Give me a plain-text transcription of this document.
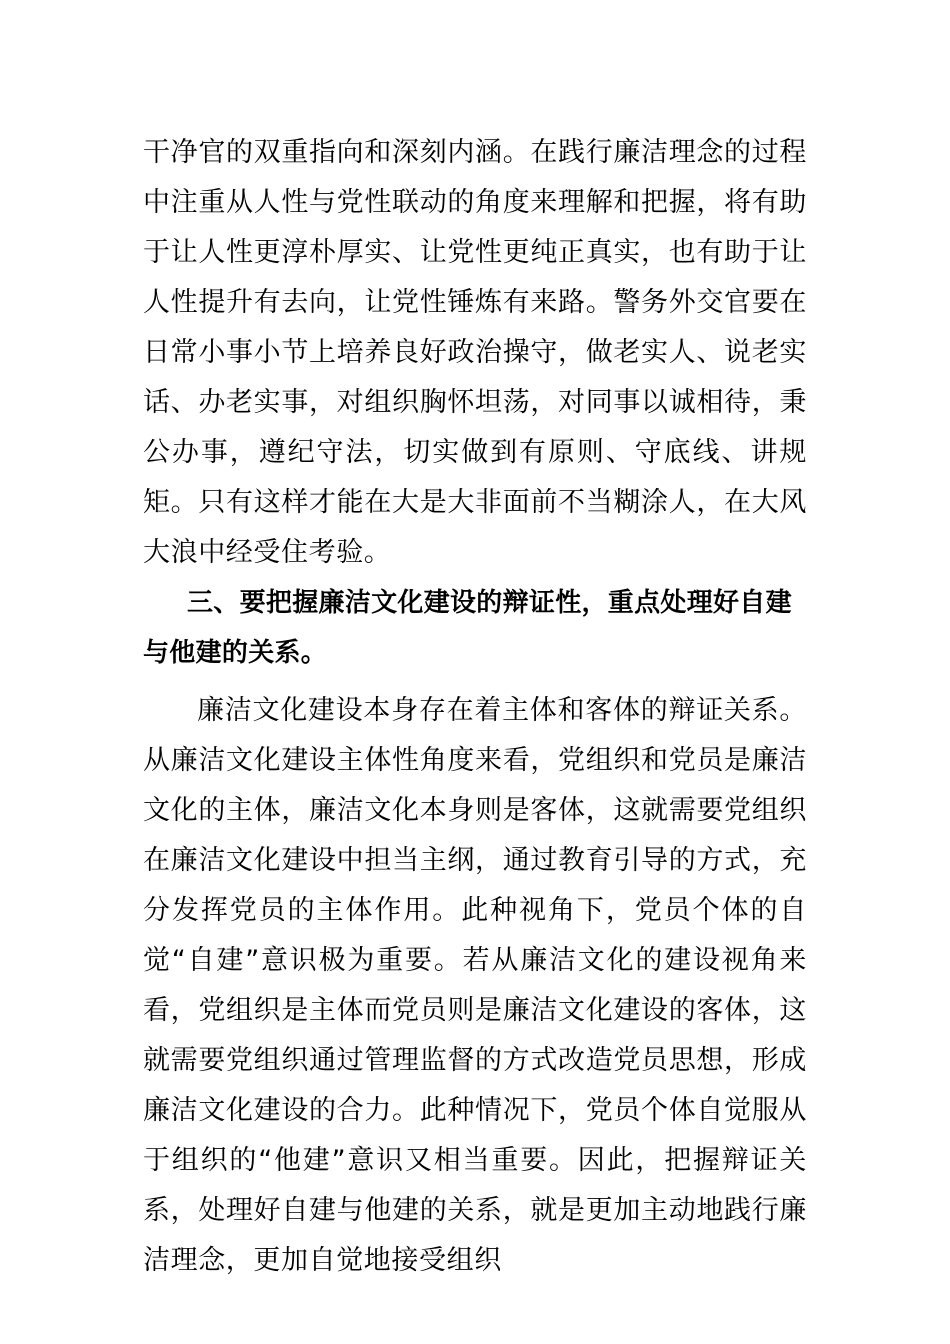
干净官的双重指向和深刻内涵。在践行廉洁理念的过程中注重从人性与党性联动的角度来理解和把握，将有助于让人性更淳朴厚实、让党性更纯正真实，也有助于让人性提升有去向，让党性锤炼有来路。警务外交官要在日常小事小节上培养良好政治操守，做老实人、说老实话、办老实事，对组织胸怀坦荡，对同事以诚相待，秉公办事，遵纪守法，切实做到有原则、守底线、讲规矩。只有这样才能在大是大非面前不当糊涂人，在大风大浪中经受住考验。

三、要把握廉洁文化建设的辩证性，重点处理好自建与他建的关系。

廉洁文化建设本身存在着主体和客体的辩证关系。从廉洁文化建设主体性角度来看，党组织和党员是廉洁文化的主体，廉洁文化本身则是客体，这就需要党组织在廉洁文化建设中担当主纲，通过教育引导的方式，充分发挥党员的主体作用。此种视角下，党员个体的自觉“自建”意识极为重要。若从廉洁文化的建设视角来看，党组织是主体而党员则是廉洁文化建设的客体，这就需要党组织通过管理监督的方式改造党员思想，形成廉洁文化建设的合力。此种情况下，党员个体自觉服从于组织的“他建”意识又相当重要。因此，把握辩证关系，处理好自建与他建的关系，就是更加主动地践行廉洁理念，更加自觉地接受组织
